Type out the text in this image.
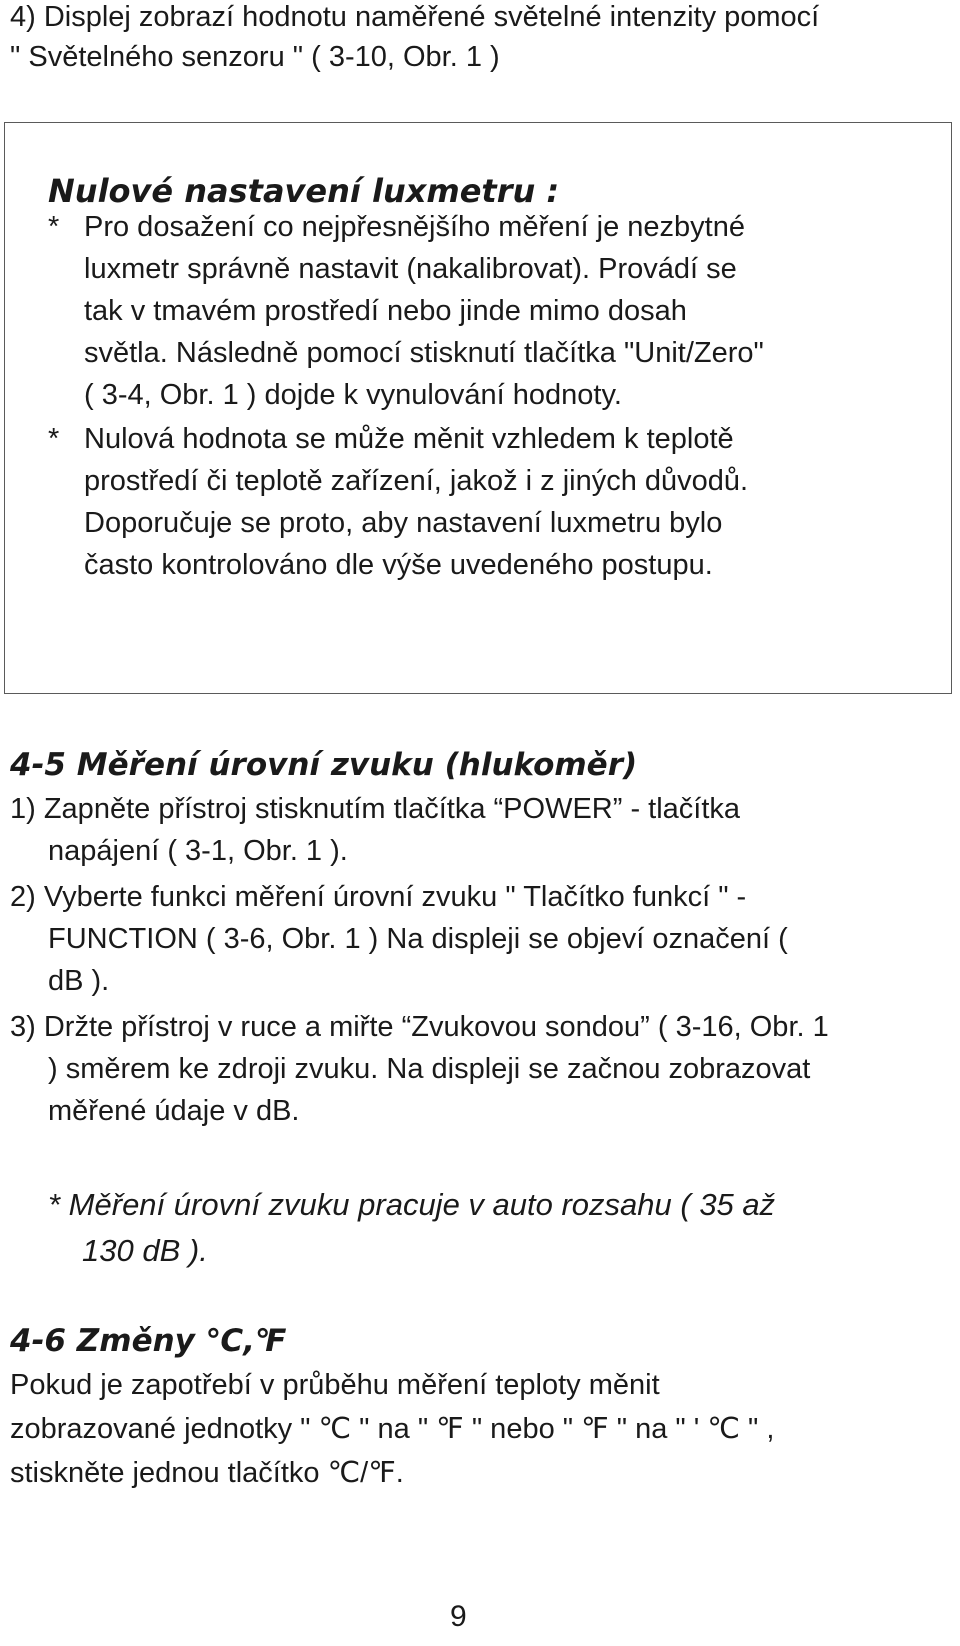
4) Displej zobrazí hodnotu naměřené světelné intenzity pomocí
" Světelného senzoru " ( 3-10, Obr. 1 )
Nulové nastavení luxmetru :
* Pro dosažení co nejpřesnějšího měření je nezbytné
luxmetr správně nastavit (nakalibrovat). Provádí se
tak v tmavém prostředí nebo jinde mimo dosah
světla. Následně pomocí stisknutí tlačítka "Unit/Zero"
( 3-4, Obr. 1 ) dojde k vynulování hodnoty.
* Nulová hodnota se může měnit vzhledem k teplotě
prostředí či teplotě zařízení, jakož i z jiných důvodů.
Doporučuje se proto, aby nastavení luxmetru bylo
často kontrolováno dle výše uvedeného postupu.
4-5 Měření úrovní zvuku (hlukoměr)
1) Zapněte přístroj stisknutím tlačítka “POWER” - tlačítka
napájení ( 3-1, Obr. 1 ).
2) Vyberte funkci měření úrovní zvuku " Tlačítko funkcí " -
FUNCTION ( 3-6, Obr. 1 ) Na displeji se objeví označení (
dB ).
3) Držte přístroj v ruce a miřte “Zvukovou sondou” ( 3-16, Obr. 1
) směrem ke zdroji zvuku. Na displeji se začnou zobrazovat
měřené údaje v dB.
* Měření úrovní zvuku pracuje v auto rozsahu ( 35 až
130 dB ).
4-6 Změny ℃,℉
Pokud je zapotřebí v průběhu měření teploty měnit
zobrazované jednotky " ℃ " na " ℉ " nebo " ℉ " na " ' ℃ " ,
stiskněte jednou tlačítko ℃/℉.
9
